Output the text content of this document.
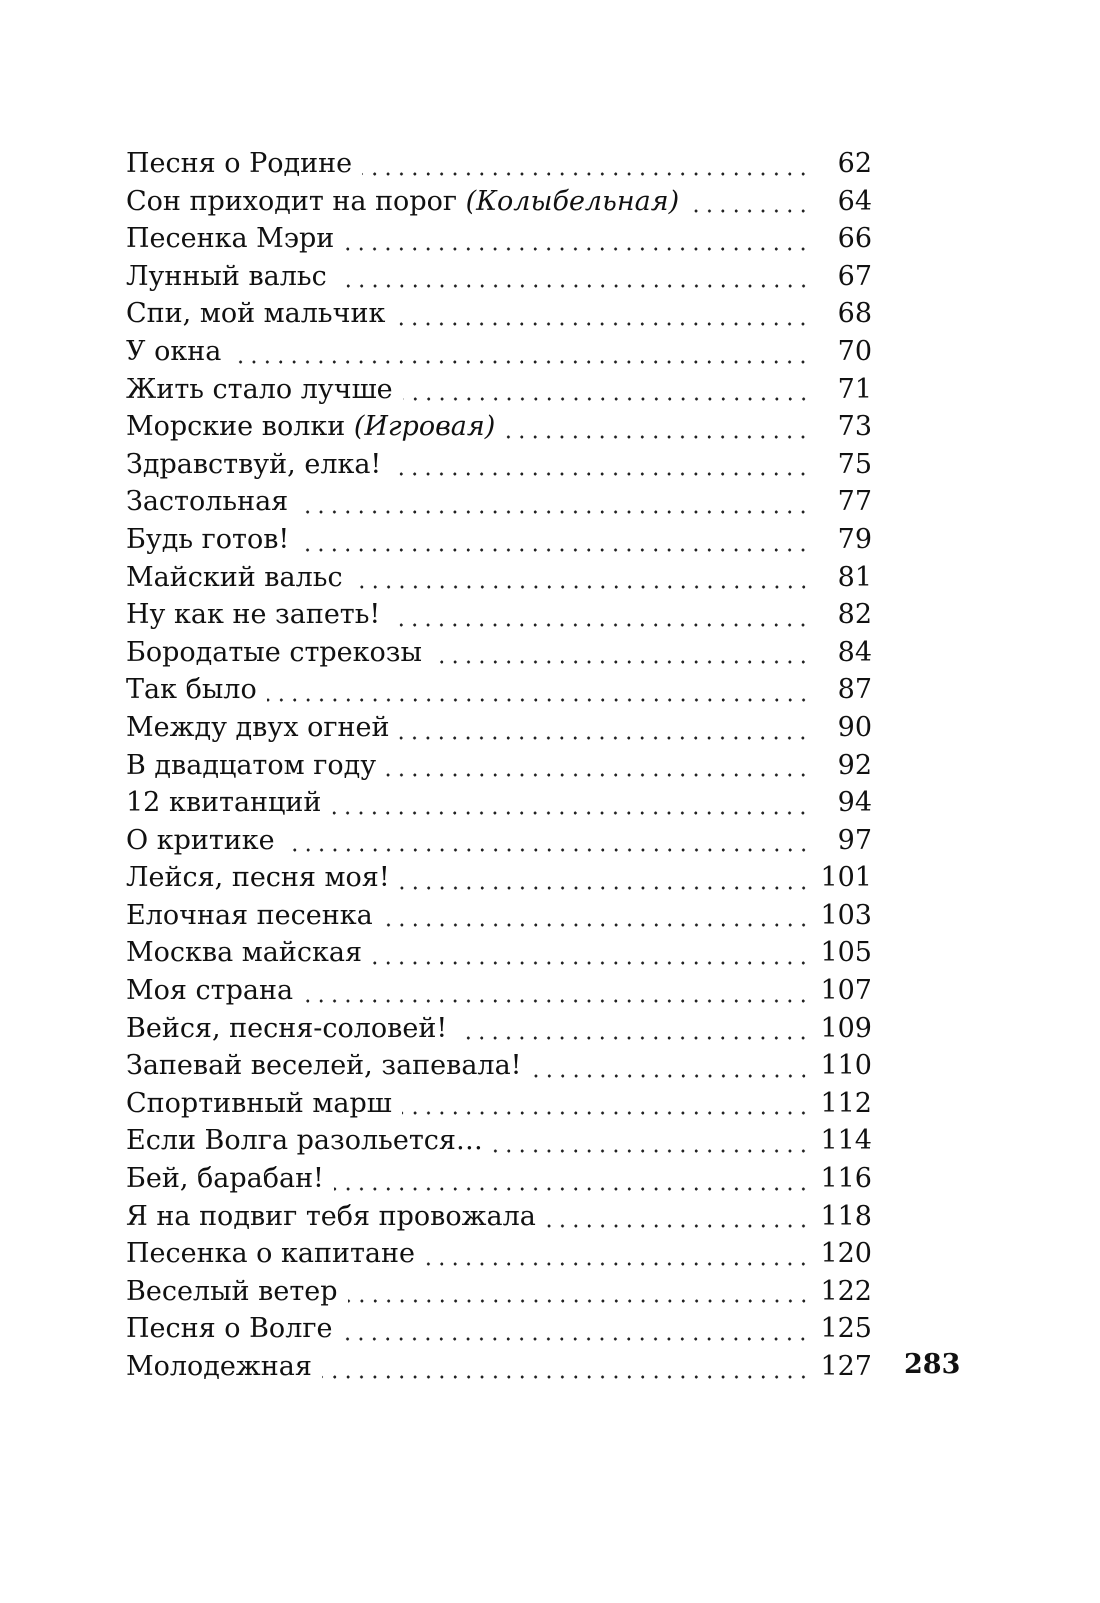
Песня о Родине	62
Сон приходит на порог (Колыбельная)	64
Песенка Мэри	66
Лунный вальс	67
Спи, мой мальчик	68
У окна	70
Жить стало лучше	71
Морские волки (Игровая)	73
Здравствуй, елка!	75
Застольная	77
Будь готов!	79
Майский вальс	81
Ну как не запеть!	82
Бородатые стрекозы	84
Так было	87
Между двух огней	90
В двадцатом году	92
12 квитанций	94
О критике	97
Лейся, песня моя!	101
Елочная песенка	103
Москва майская	105
Моя страна	107
Вейся, песня-соловей!	109
Запевай веселей, запевала!	110
Спортивный марш	112
Если Волга разольется…	114
Бей, барабан!	116
Я на подвиг тебя провожала	118
Песенка о капитане	120
Веселый ветер	122
Песня о Волге	125
Молодежная	127 283
